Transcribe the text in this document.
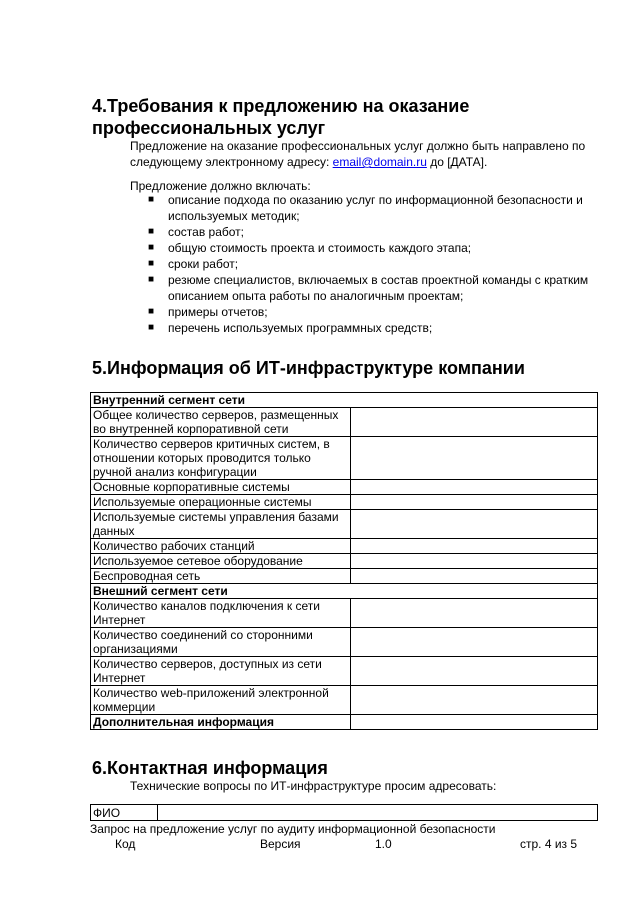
4.Требования к предложению на оказание профессиональных услуг
Предложение на оказание профессиональных услуг должно быть направлено по следующему электронному адресу: email@domain.ru до [ДАТА].
Предложение должно включать:
■ описание подхода по оказанию услуг по информационной безопасности и используемых методик;
■ состав работ;
■ общую стоимость проекта и стоимость каждого этапа;
■ сроки работ;
■ резюме специалистов, включаемых в состав проектной команды с кратким описанием опыта работы по аналогичным проектам;
■ примеры отчетов;
■ перечень используемых программных средств;
5.Информация об ИТ-инфраструктуре компании
Внутренний сегмент сети	
Общее количество серверов, размещенных во внутренней корпоративной сети	
Количество серверов критичных систем, в отношении которых проводится только ручной анализ конфигурации	
Основные корпоративные системы	
Используемые операционные системы	
Используемые системы управления базами данных	
Количество рабочих станций	
Используемое сетевое оборудование	
Беспроводная сеть	
Внешний сегмент сети	
Количество каналов подключения к сети Интернет	
Количество соединений со сторонними организациями	
Количество серверов, доступных из сети Интернет	
Количество web-приложений электронной коммерции	
Дополнительная информация	
6.Контактная информация
Технические вопросы по ИТ-инфраструктуре просим адресовать:
ФИО	
Запрос на предложение услуг по аудиту информационной безопасности
Код	Версия	1.0	стр. 4 из 5
